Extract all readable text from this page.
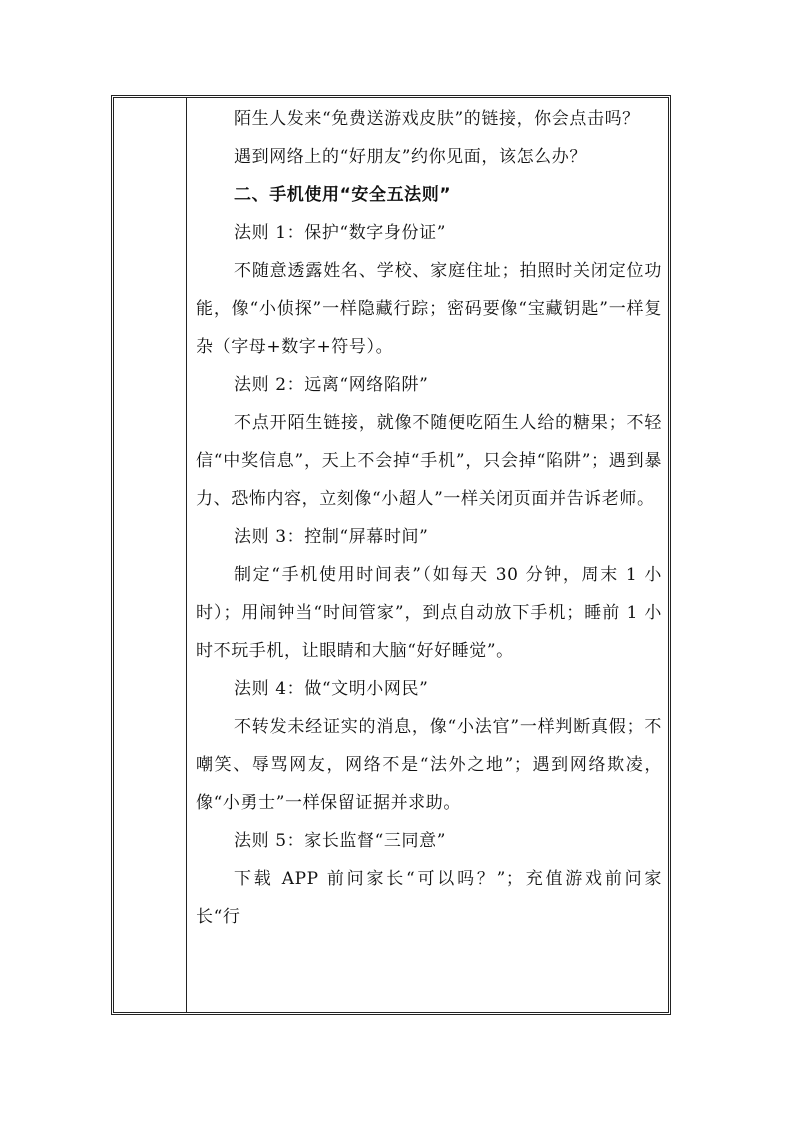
陌生人发来“免费送游戏皮肤”的链接，你会点击吗？

遇到网络上的“好朋友”约你见面，该怎么办？

二、手机使用“安全五法则”

法则 1：保护“数字身份证”

不随意透露姓名、学校、家庭住址；拍照时关闭定位功能，像“小侦探”一样隐藏行踪；密码要像“宝藏钥匙”一样复杂（字母+数字+符号）。

法则 2：远离“网络陷阱”

不点开陌生链接，就像不随便吃陌生人给的糖果；不轻信“中奖信息”，天上不会掉“手机”，只会掉“陷阱”；遇到暴力、恐怖内容，立刻像“小超人”一样关闭页面并告诉老师。

法则 3：控制“屏幕时间”

制定“手机使用时间表”（如每天 30 分钟，周末 1 小时）；用闹钟当“时间管家”，到点自动放下手机；睡前 1 小时不玩手机，让眼睛和大脑“好好睡觉”。

法则 4：做“文明小网民”

不转发未经证实的消息，像“小法官”一样判断真假；不嘲笑、辱骂网友，网络不是“法外之地”；遇到网络欺凌，像“小勇士”一样保留证据并求助。

法则 5：家长监督“三同意”

下载 APP 前问家长“可以吗？”；充值游戏前问家长“行
